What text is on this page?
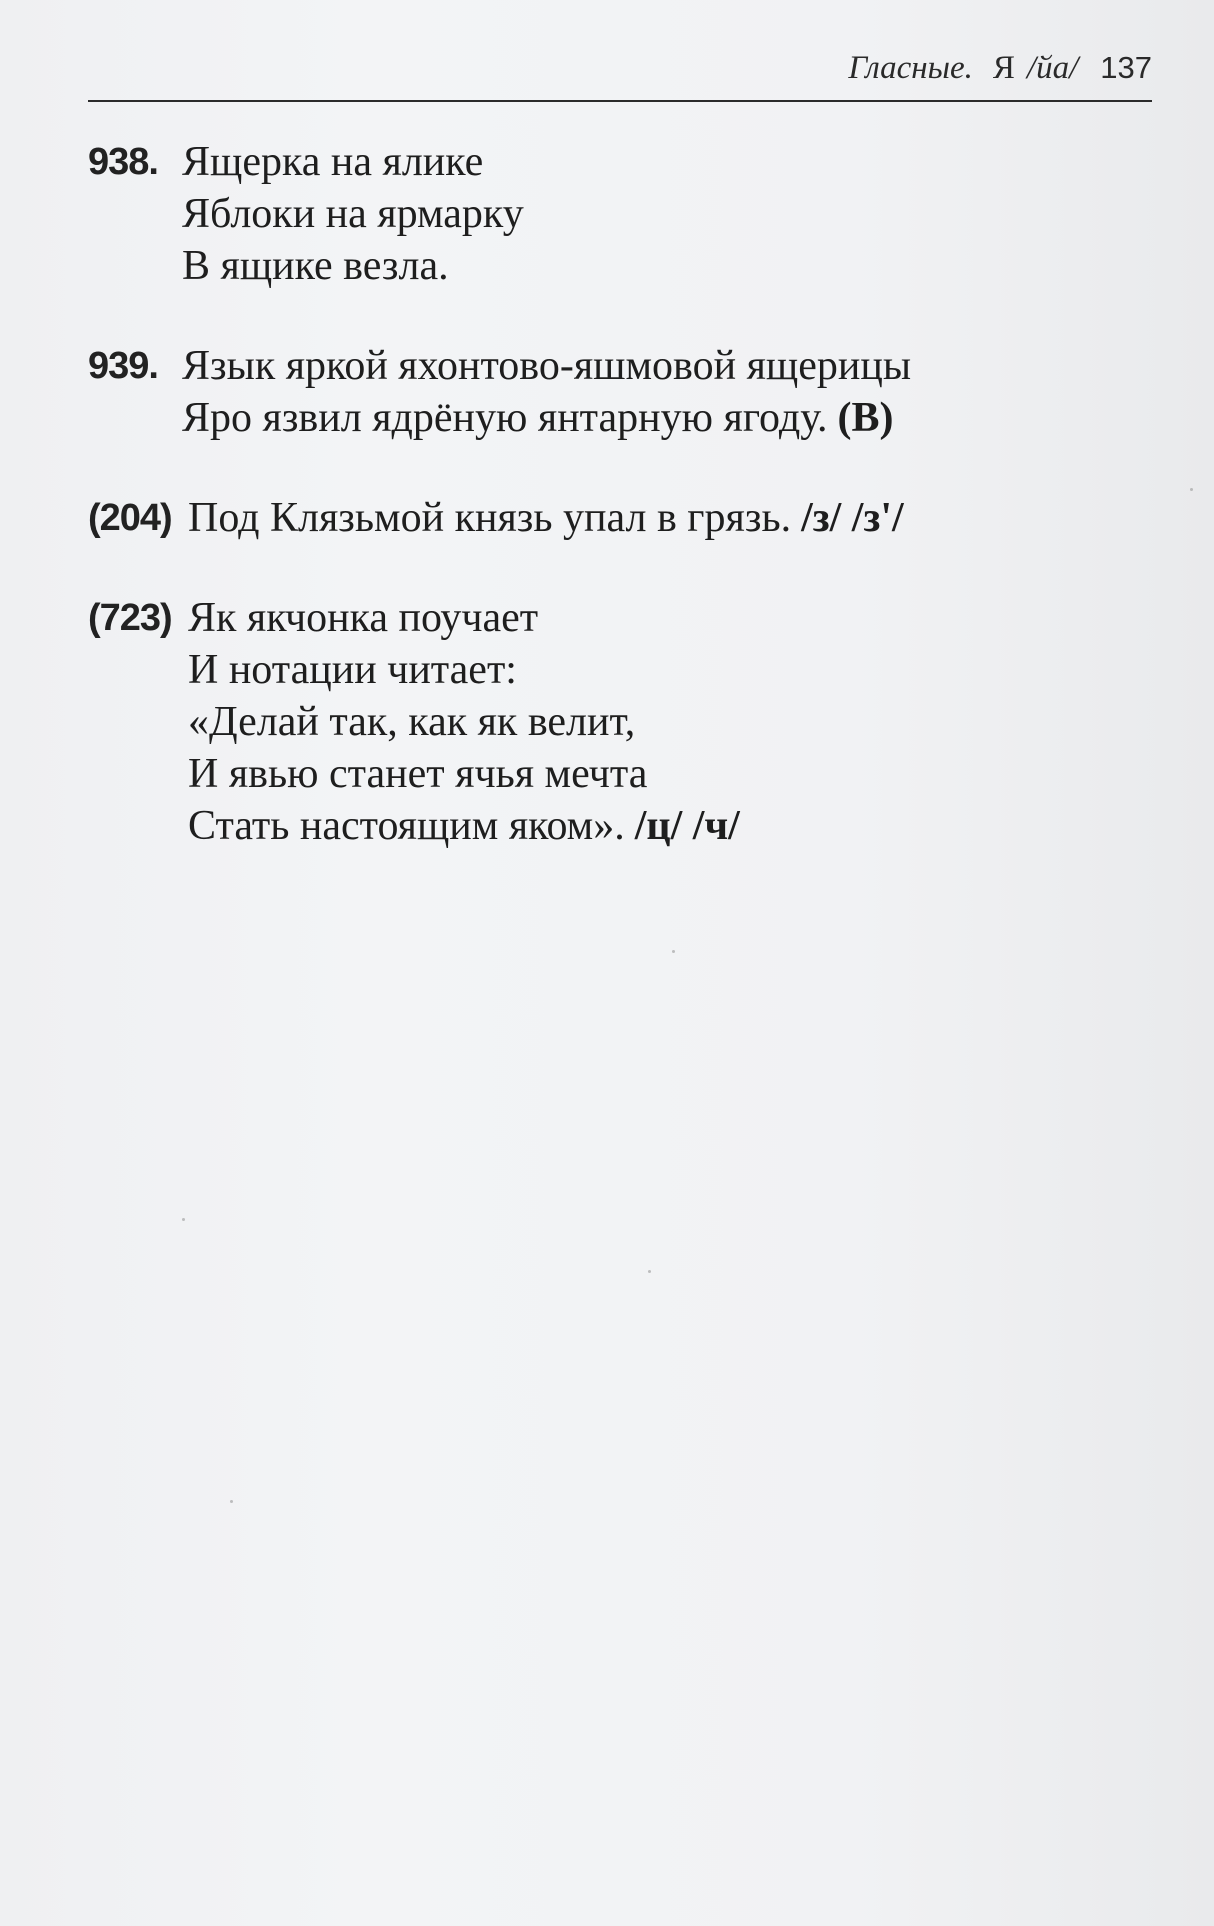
Гласные. Я /йа/ 137
938. Ящерка на ялике
Яблоки на ярмарку
В ящике везла.
939. Язык яркой яхонтово-яшмовой ящерицы
Яро язвил ядрёную янтарную ягоду. (В)
(204) Под Клязьмой князь упал в грязь. /з/ /з'/
(723) Як якчонка поучает
И нотации читает:
«Делай так, как як велит,
И явью станет ячья мечта
Стать настоящим яком». /ц/ /ч/
